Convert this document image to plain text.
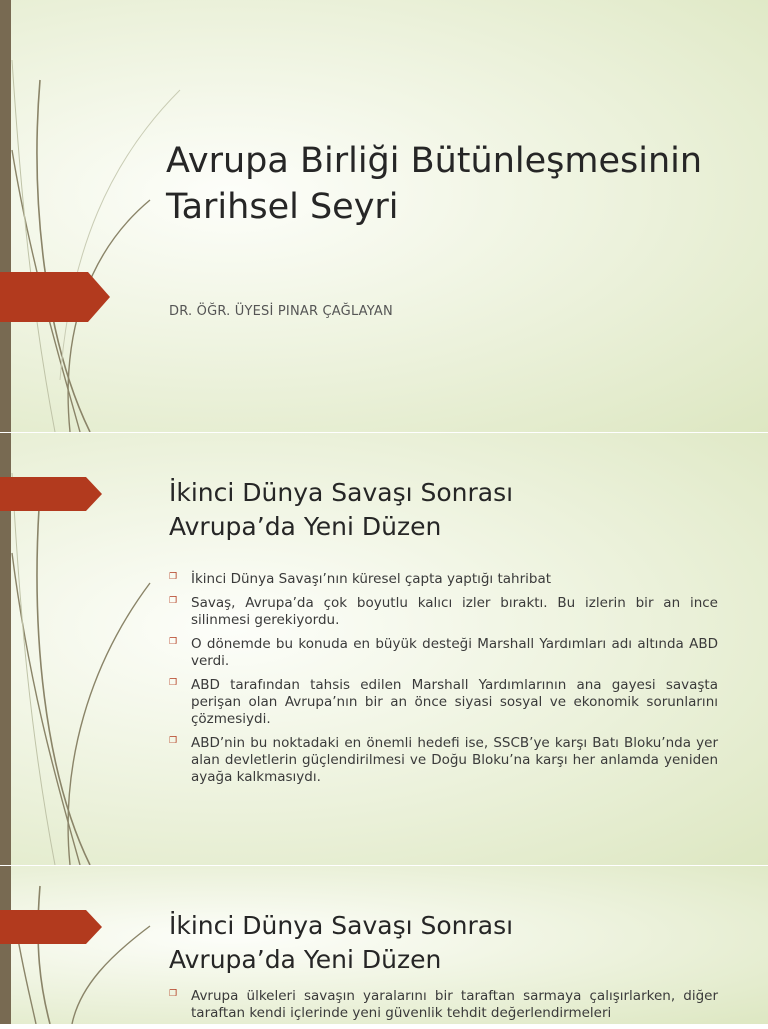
Avrupa Birliği Bütünleşmesinin Tarihsel Seyri
DR. ÖĞR. ÜYESİ PINAR ÇAĞLAYAN
İkinci Dünya Savaşı Sonrası
Avrupa’da Yeni Düzen
❒ İkinci Dünya Savaşı’nın küresel çapta yaptığı tahribat
❒ Savaş, Avrupa’da çok boyutlu kalıcı izler bıraktı. Bu izlerin bir an ince silinmesi gerekiyordu.
❒ O dönemde bu konuda en büyük desteği Marshall Yardımları adı altında ABD verdi.
❒ ABD tarafından tahsis edilen Marshall Yardımlarının ana gayesi savaşta perişan olan Avrupa’nın bir an önce siyasi sosyal ve ekonomik sorunlarını çözmesiydi.
❒ ABD’nin bu noktadaki en önemli hedefi ise, SSCB’ye karşı Batı Bloku’nda yer alan devletlerin güçlendirilmesi ve Doğu Bloku’na karşı her anlamda yeniden ayağa kalkmasıydı.
İkinci Dünya Savaşı Sonrası
Avrupa’da Yeni Düzen
❒ Avrupa ülkeleri savaşın yaralarını bir taraftan sarmaya çalışırlarken, diğer taraftan kendi içlerinde yeni güvenlik tehdit değerlendirmeleri
